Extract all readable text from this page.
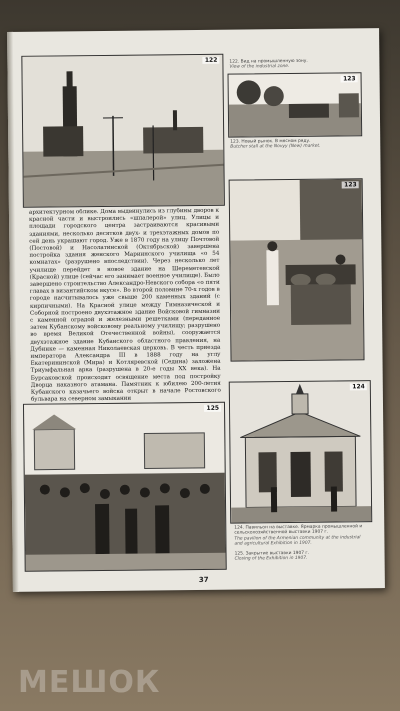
122
123
123
124
125
архитектурном облике. Дома выдвинулись из глубины дворов к красной части и выстроились «шпалерой» улиц. Улицы и площади городского центра застраиваются красивыми зданиями, несколько десятков двух- и трехэтажных домов по сей день украшают город. Уже в 1870 году на улицу Почтовой (Постовой) и Насолатинской (Октябрьской) завершена постройка здания женского Мариинского училища «о 54 комнатах» (разрушено впоследствии). Через несколько лет училище перейдет в новое здание на Шереметевской (Красной) улице (сейчас его занимает военное училище). Было завершено строительство Александро-Невского собора «о пяти главах в византийском вкусе». Во второй половине 70-х годов в городе насчитывалось уже свыше 200 каменных зданий (с кирпичными). На Красной улице между Гимназической и Соборной построено двухэтажное здание Войсковой гимназии с каменной оградой и железными решетками (переданное затем Кубанскому войсковому реальному училищу; разрушено во время Великой Отечественной войны), сооружается двухэтажное здание Кубанского областного правления, на Дубинке — каменная Николаевская церковь. В честь приезда императора Александра III в 1888 году на углу Екатерининской (Мира) и Котляревской (Седина) заложена Триумфальная арка (разрушена в 20-е годы XX века). На Бурсаковской происходит освящение места под постройку Дворца наказного атамана. Памятник к юбилею 200-летия Кубанского казачьего войска открыт в начале Ростовского бульвара на северном замыкании
122. Вид на промышленную зону.
View of the industrial zone.
123. Новый рынок. В мясном ряду.
Butcher stall at the Novyy (New) market.
124. Павильон на выставке. Ярмарка промышленной и сельскохозяйственной выставки 1907 г.
The pavilion of the Armenian community at the industrial and agricultural Exhibition in 1907.
125. Закрытие выставки 1907 г.
Closing of the Exhibition in 1907.
37
МЕШОК
